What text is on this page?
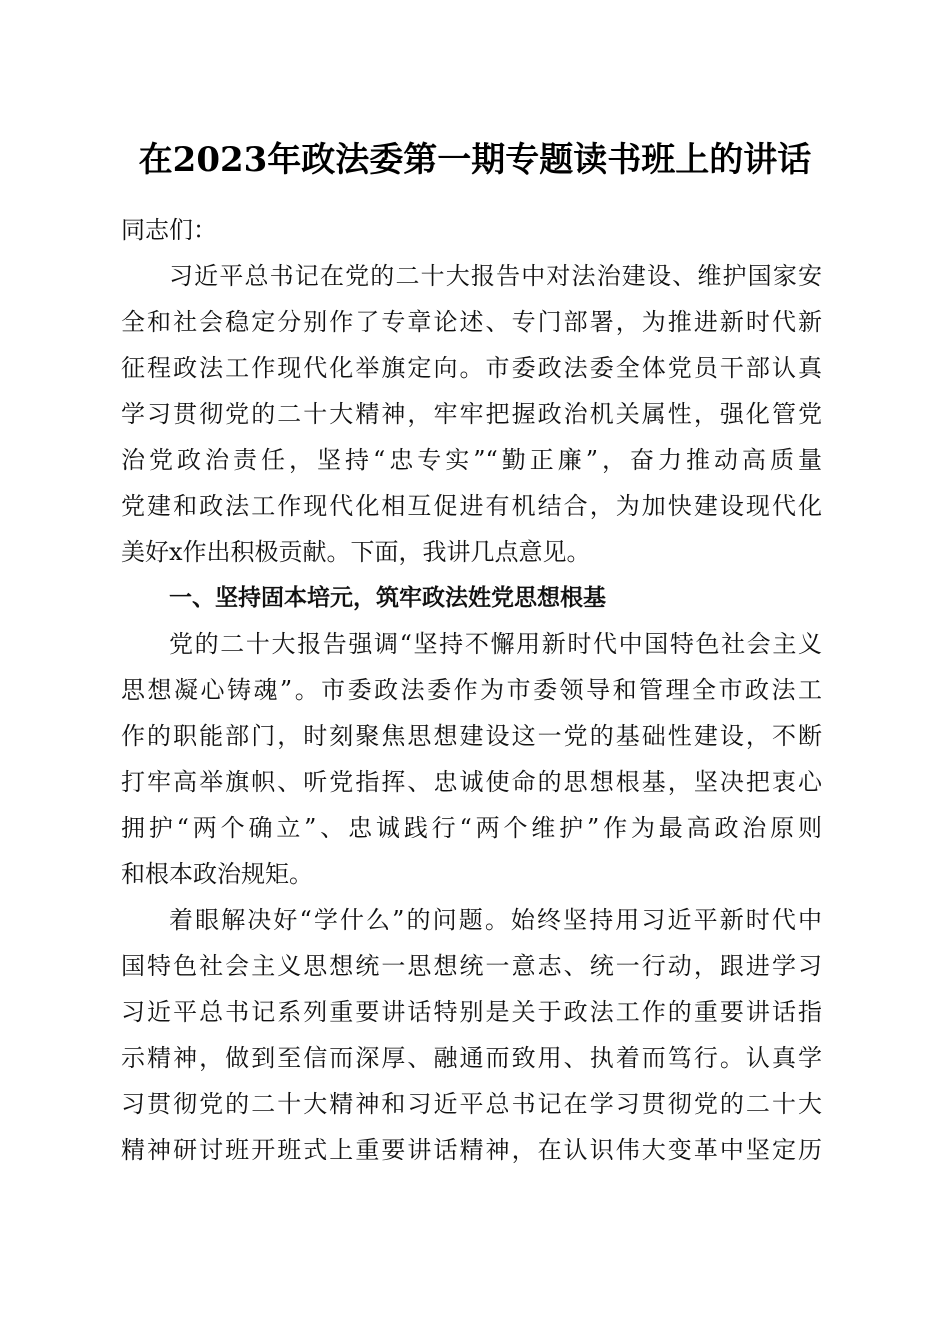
在2023年政法委第一期专题读书班上的讲话
同志们：
习近平总书记在党的二十大报告中对法治建设、维护国家安
全和社会稳定分别作了专章论述、专门部署，为推进新时代新
征程政法工作现代化举旗定向。市委政法委全体党员干部认真
学习贯彻党的二十大精神，牢牢把握政治机关属性，强化管党
治党政治责任，坚持“忠专实”“勤正廉”，奋力推动高质量
党建和政法工作现代化相互促进有机结合，为加快建设现代化
美好x作出积极贡献。下面，我讲几点意见。
一、坚持固本培元，筑牢政法姓党思想根基
党的二十大报告强调“坚持不懈用新时代中国特色社会主义
思想凝心铸魂”。市委政法委作为市委领导和管理全市政法工
作的职能部门，时刻聚焦思想建设这一党的基础性建设，不断
打牢高举旗帜、听党指挥、忠诚使命的思想根基，坚决把衷心
拥护“两个确立”、忠诚践行“两个维护”作为最高政治原则
和根本政治规矩。
着眼解决好“学什么”的问题。始终坚持用习近平新时代中
国特色社会主义思想统一思想统一意志、统一行动，跟进学习
习近平总书记系列重要讲话特别是关于政法工作的重要讲话指
示精神，做到至信而深厚、融通而致用、执着而笃行。认真学
习贯彻党的二十大精神和习近平总书记在学习贯彻党的二十大
精神研讨班开班式上重要讲话精神，在认识伟大变革中坚定历
